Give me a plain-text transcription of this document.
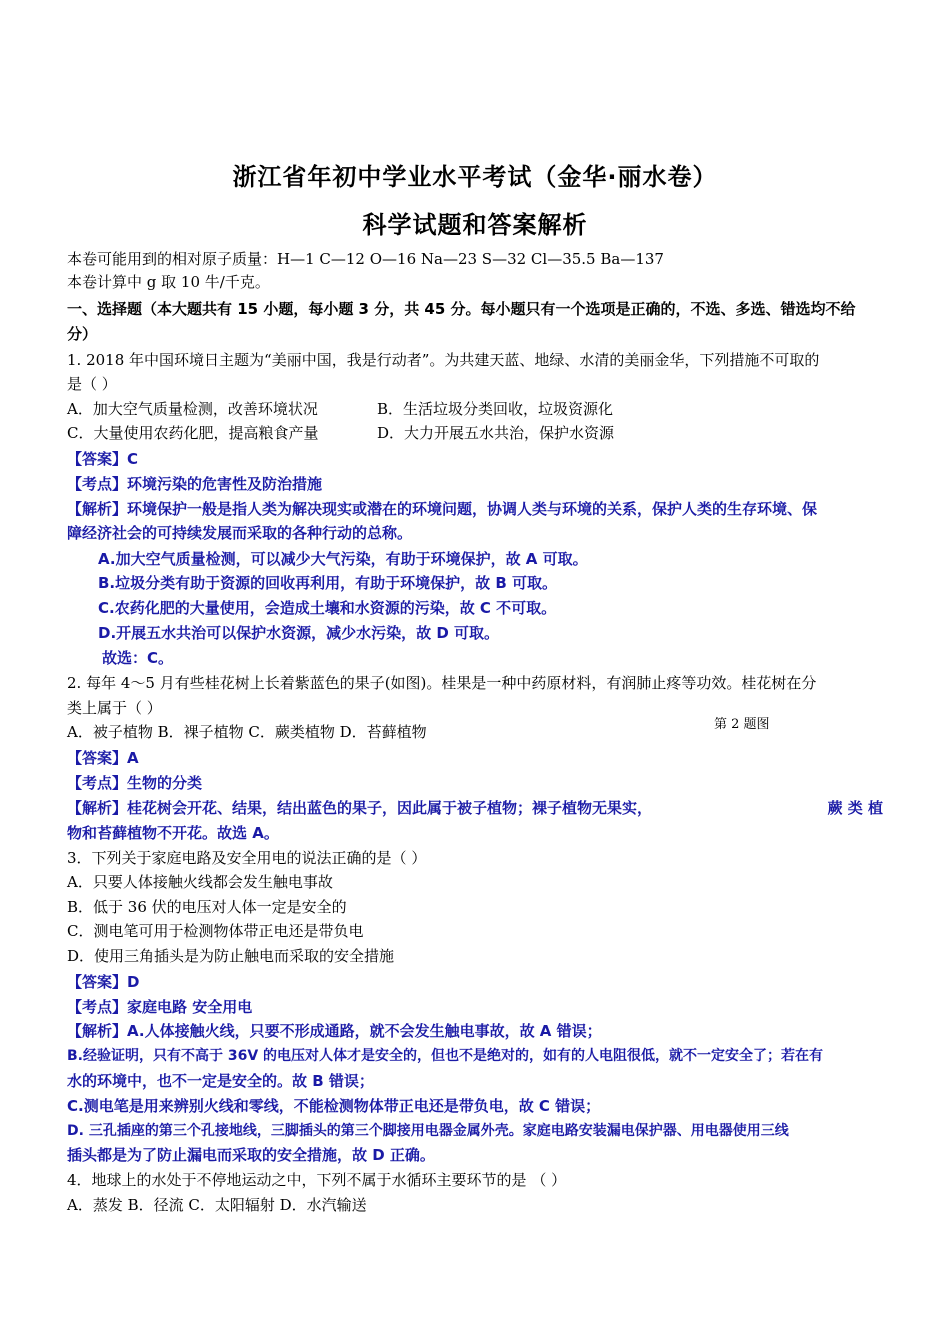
浙江省年初中学业水平考试（金华·丽水卷）
科学试题和答案解析
本卷可能用到的相对原子质量：H—1 C—12 O—16 Na—23 S—32 Cl—35.5 Ba—137
本卷计算中 g 取 10 牛/千克。
一、选择题（本大题共有 15 小题，每小题 3 分，共 45 分。每小题只有一个选项是正确的，不选、多选、错选均不给
分）
1. 2018 年中国环境日主题为“美丽中国，我是行动者”。为共建天蓝、地绿、水清的美丽金华，下列措施不可取的
是（ ）
A．加大空气质量检测，改善环境状况	B．生活垃圾分类回收，垃圾资源化
C．大量使用农药化肥，提高粮食产量	D．大力开展五水共治，保护水资源
【答案】C
【考点】环境污染的危害性及防治措施
【解析】环境保护一般是指人类为解决现实或潜在的环境问题，协调人类与环境的关系，保护人类的生存环境、保
障经济社会的可持续发展而采取的各种行动的总称。
A.加大空气质量检测，可以减少大气污染，有助于环境保护，故 A 可取。
B.垃圾分类有助于资源的回收再利用，有助于环境保护，故 B 可取。
C.农药化肥的大量使用，会造成土壤和水资源的污染，故 C 不可取。
D.开展五水共治可以保护水资源，减少水污染，故 D 可取。
故选：C。
2. 每年 4～5 月有些桂花树上长着紫蓝色的果子(如图)。桂果是一种中药原材料，有润肺止疼等功效。桂花树在分
类上属于（ ）
第 2 题图
A．被子植物 B．裸子植物 C．蕨类植物 D．苔藓植物
【答案】A
【考点】生物的分类
【解析】桂花树会开花、结果，结出蓝色的果子，因此属于被子植物；裸子植物无果实，	蕨 类 植
物和苔藓植物不开花。故选 A。
3．下列关于家庭电路及安全用电的说法正确的是（ ）
A．只要人体接触火线都会发生触电事故
B．低于 36 伏的电压对人体一定是安全的
C．测电笔可用于检测物体带正电还是带负电
D．使用三角插头是为防止触电而采取的安全措施
【答案】D
【考点】家庭电路 安全用电
【解析】A.人体接触火线，只要不形成通路，就不会发生触电事故，故 A 错误；
B.经验证明，只有不高于 36V 的电压对人体才是安全的，但也不是绝对的，如有的人电阻很低，就不一定安全了；若在有
水的环境中，也不一定是安全的。故 B 错误；
C.测电笔是用来辨别火线和零线，不能检测物体带正电还是带负电，故 C 错误；
D. 三孔插座的第三个孔接地线，三脚插头的第三个脚接用电器金属外壳。家庭电路安装漏电保护器、用电器使用三线
插头都是为了防止漏电而采取的安全措施，故 D 正确。
4．地球上的水处于不停地运动之中，下列不属于水循环主要环节的是 （ ）
A．蒸发 B．径流 C．太阳辐射 D．水汽输送
